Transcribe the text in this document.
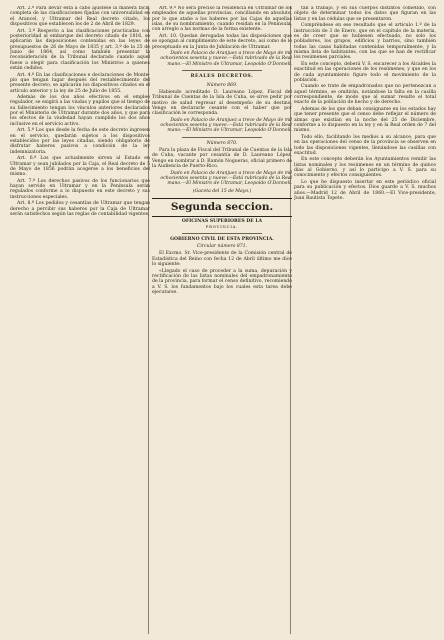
Art. 2.º Para llevar esta a cabo ajústese la manera fácil, completa de las clasificaciones fijadas con universalidad en el Arancel, y Ultramar del Real decreto citado, los dispositivos que establecen los de 2 de Abril de 1829.

Art. 3.º Respecto a las clasificaciones practicadas con posterioridad al embarque del decreto citado de 1816, se aplicarán las disposiciones contenidas en las leyes de presupuestos de 26 de Mayo de 1835 y art. 3.º de la 25 de Junio de 1864, así como también presentar la reconsideración de la Tribunal declarado cuando aquel fuese a elegir para clasificación los Ministros a quienes están cedidos.

Art. 4.º En las clasificaciones e declaraciones de Monte-pío que tengan lugar después del restablecimiento del presente decreto, se aplicarán los dispositivos citados en el artículo anterior y la ley de 25 de Julio de 1855.

Además de los dos años efectivos en el empleo regulador, se exigirá a las viudas y pupilos que al tiempo de su fallecimiento tengan los vínculos anteriores declarados por el Ministerio de Ultramar durante dos años, y que para los efectos de la viudedad hayan cumplido los dos años inclusive en el servicio activo.

Art. 5.º Los que desde la fecha de este decreto ingresen en el servicio, quedarán sujetos a los dispositivos establecidos por las leyes citadas, siendo obligatorio de disfrutar haberes pasivos a condición de la ley indemnizatoria.

Art. 6.º Los que actualmente sirven al Estado en Ultramar y sean jubilados por la Caja, el Real decreto de 5 de Mayo de 1856 podrán acogerse a los beneficios del mismo.

Art. 7.º Los derechos pasivos de los funcionarios que hayan servido en Ultramar y en la Península serán regulados conforme a lo dispuesto en este decreto y sus instrucciones especiales.

Art. 8.º Los pedidos y cesantías de Ultramar que tengan derecho a percibir sus haberes por la Caja de Ultramar serán satisfechos según las reglas de contabilidad vigentes.

Art. 9.º No será preciso la residencia en Ultramar de los empleados de aquellas provincias, conciliando en absoluto, por lo que atañe a los haberes por las Cajas de aquellas islas, de su nombramiento, cuando residan en la Península, con arreglo a las normas de la forma existente.

Art. 10. Quedan derogadas todas las disposiciones que se opongan al cumplimiento de este decreto, así como de lo preceptuado en la Junta de Jubilación de Ultramar.

Dado en Palacio de Aranjuez a trece de Mayo de mil ochocientos sesenta y nueve.—Está rubricado de la Real mano.—El Ministro de Ultramar, Leopoldo O'Donnell.

REALES DECRETOS.

Número 869.

Habiendo acreditado D. Laureano López, Fiscal del Tribunal de Cuentas de la Isla de Cuba, se sirve pedir por motivo de salud regresar al desempeño de su destino, Vengo en declararle cesante con el haber que por clasificación le corresponda.

Dado en Palacio de Aranjuez a trece de Mayo de mil ochocientos sesenta y nueve.—Está rubricado de la Real mano.—El Ministro de Ultramar, Leopoldo O'Donnell.

Número 870.

Para la plaza de Fiscal del Tribunal de Cuentas de la Isla de Cuba, vacante por cesantía de D. Laureano López, Vengo en nombrar a D. Ramón Nogueras, oficial primero de la Audiencia de Puerto-Rico.

Dado en Palacio de Aranjuez a trece de Mayo de mil ochocientos sesenta y nueve.—Está rubricado de la Real mano.—El Ministro de Ultramar, Leopoldo O'Donnell.

(Gaceta del 15 de Mayo.)

Segunda seccion.

OFICINAS SUPERIORES DE LA

PROVINCIA.

GOBIERNO CIVIL DE ESTA PROVINCIA.

Circular número 871.

El Excmo. Sr. Vice-presidente de la Comisión central de Estadística del Reino con fecha 12 de Abril último me dice lo siguiente:

«Llegado el caso de proceder a la suma, depuración y rectificación de las listas nominales del empadronamiento de la provincia, para formar el censo definitivo, recomiendo a V. S. los fundamentos bajo los cuales esta tarea debe ejecutarse.

tan a trabajo, y en sus cuerpos distintos cometido, con objeto de determinar todos los datos que figuran en las listas y en las cédulas que se presentaron.

Compréndese en ese resultado que el artículo 1.º de la instrucción de 3 de Enero, que en el capítulo de la materia, es de creer que se hubiesen efectuado, no solo los pobladores, los grupos, edificios y barrios, sino también todas las casas habitadas contenidas temporalmente, y la misma lista de habitantes, con las que se han de rectificar los resúmenes parciales.

En este concepto, deberá V. S. encarecer a los Alcaldes la exactitud en las operaciones de los resúmenes, y que en los de cada ayuntamiento figure todo el movimiento de la población.

Cuando se trate de empadronados que no pertenezcan a aquel término, se omitirán, notándose la falta en la casilla correspondiente, de modo que al sumar resulte el total exacto de la población de hecho y de derecho.

Ademas de los que deban consignarse en los estados hay que tener presente que el censo debe reflejar el número de almas que existían en la noche del 25 de Diciembre, conforme a lo dispuesto en la ley y en la Real orden de 7 del mismo.

Todo ello, facilitando los medios a su alcance, para que en las operaciones del censo de la provincia se observen en todo las disposiciones vigentes, llenándose las casillas con exactitud.

En este concepto deberán los Ayuntamientos remitir las listas nominales y los resúmenes en un término de quince días al Gobierno, y así lo participo a V. S. para su conocimiento y efectos consiguientes.

Lo que he dispuesto insertar en este periódico oficial para su publicación y efectos. Dios guarde a V. S. muchos años.—Madrid 12 de Abril de 1860.—El Vice-presidente, Juan Bautista Topete.
